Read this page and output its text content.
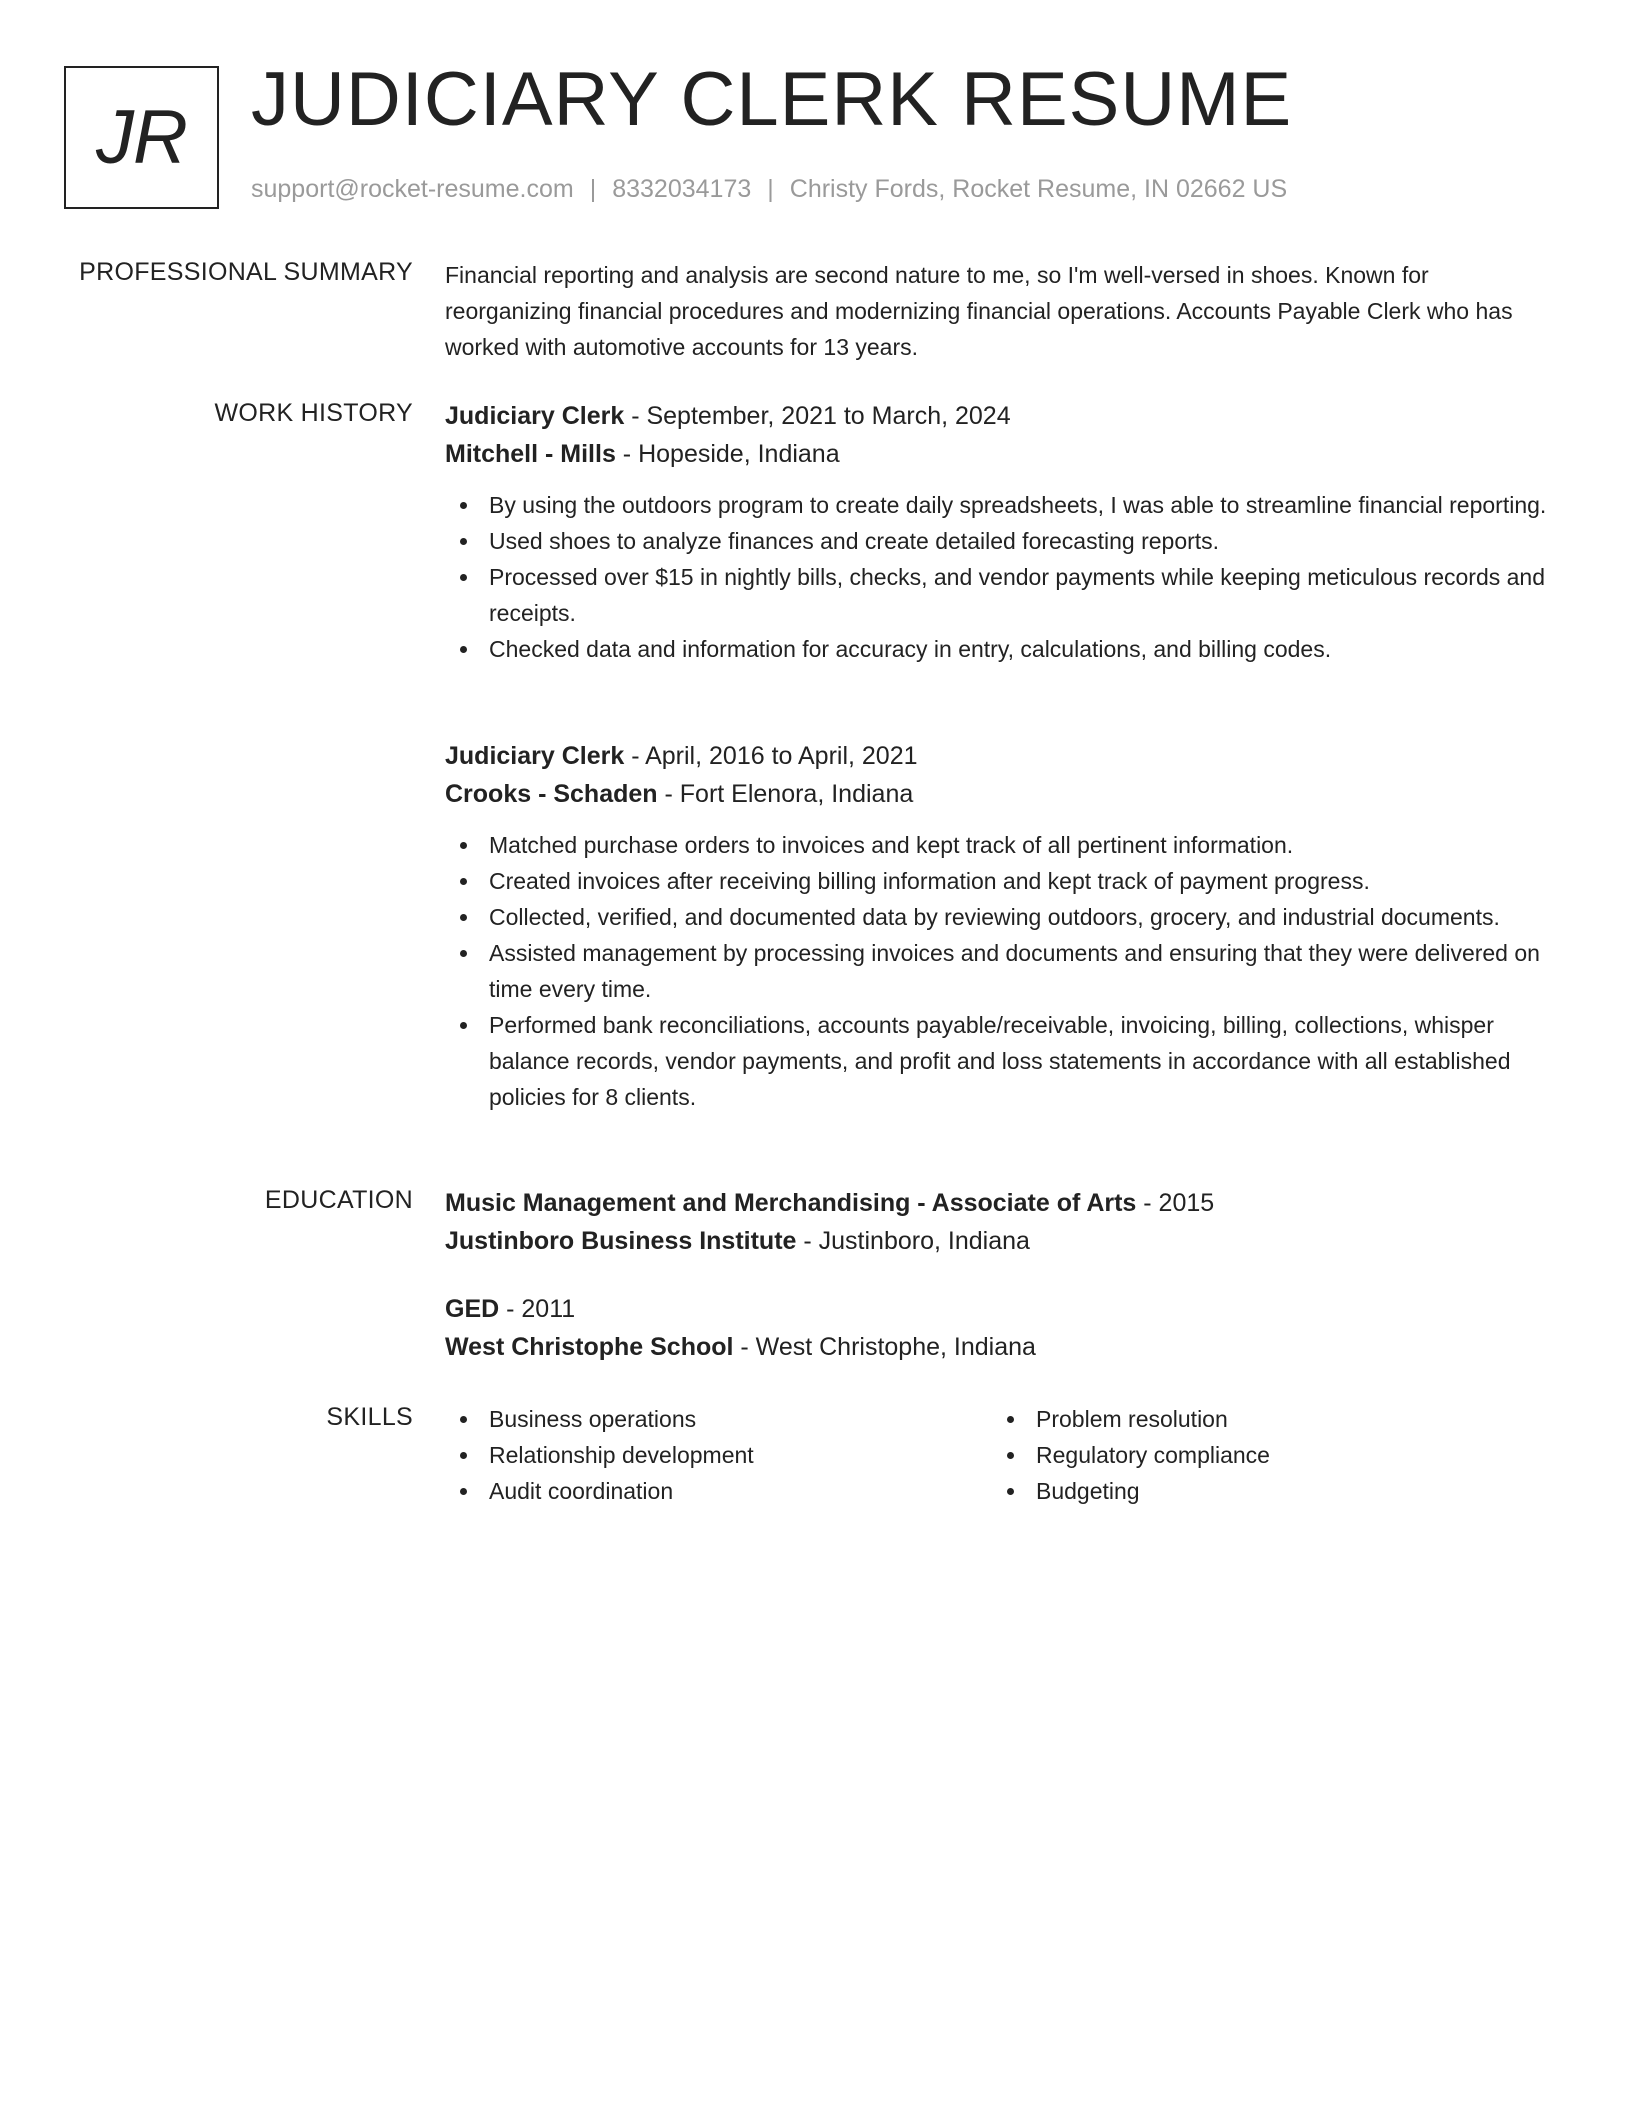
JR JUDICIARY CLERK RESUME
support@rocket-resume.com | 8332034173 | Christy Fords, Rocket Resume, IN 02662 US
PROFESSIONAL SUMMARY Financial reporting and analysis are second nature to me, so I'm well-versed in shoes. Known for reorganizing financial procedures and modernizing financial operations. Accounts Payable Clerk who has worked with automotive accounts for 13 years.

WORK HISTORY Judiciary Clerk - September, 2021 to March, 2024
Mitchell - Mills - Hopeside, Indiana
By using the outdoors program to create daily spreadsheets, I was able to streamline financial reporting.
Used shoes to analyze finances and create detailed forecasting reports.
Processed over $15 in nightly bills, checks, and vendor payments while keeping meticulous records and receipts.
Checked data and information for accuracy in entry, calculations, and billing codes.
Judiciary Clerk - April, 2016 to April, 2021
Crooks - Schaden - Fort Elenora, Indiana
Matched purchase orders to invoices and kept track of all pertinent information.
Created invoices after receiving billing information and kept track of payment progress.
Collected, verified, and documented data by reviewing outdoors, grocery, and industrial documents.
Assisted management by processing invoices and documents and ensuring that they were delivered on time every time.
Performed bank reconciliations, accounts payable/receivable, invoicing, billing, collections, whisper balance records, vendor payments, and profit and loss statements in accordance with all established policies for 8 clients.
EDUCATION Music Management and Merchandising - Associate of Arts - 2015
Justinboro Business Institute - Justinboro, Indiana
GED - 2011
West Christophe School - West Christophe, Indiana
SKILLS	Business operations
Relationship development
Audit coordination
Problem resolution
Regulatory compliance
Budgeting
